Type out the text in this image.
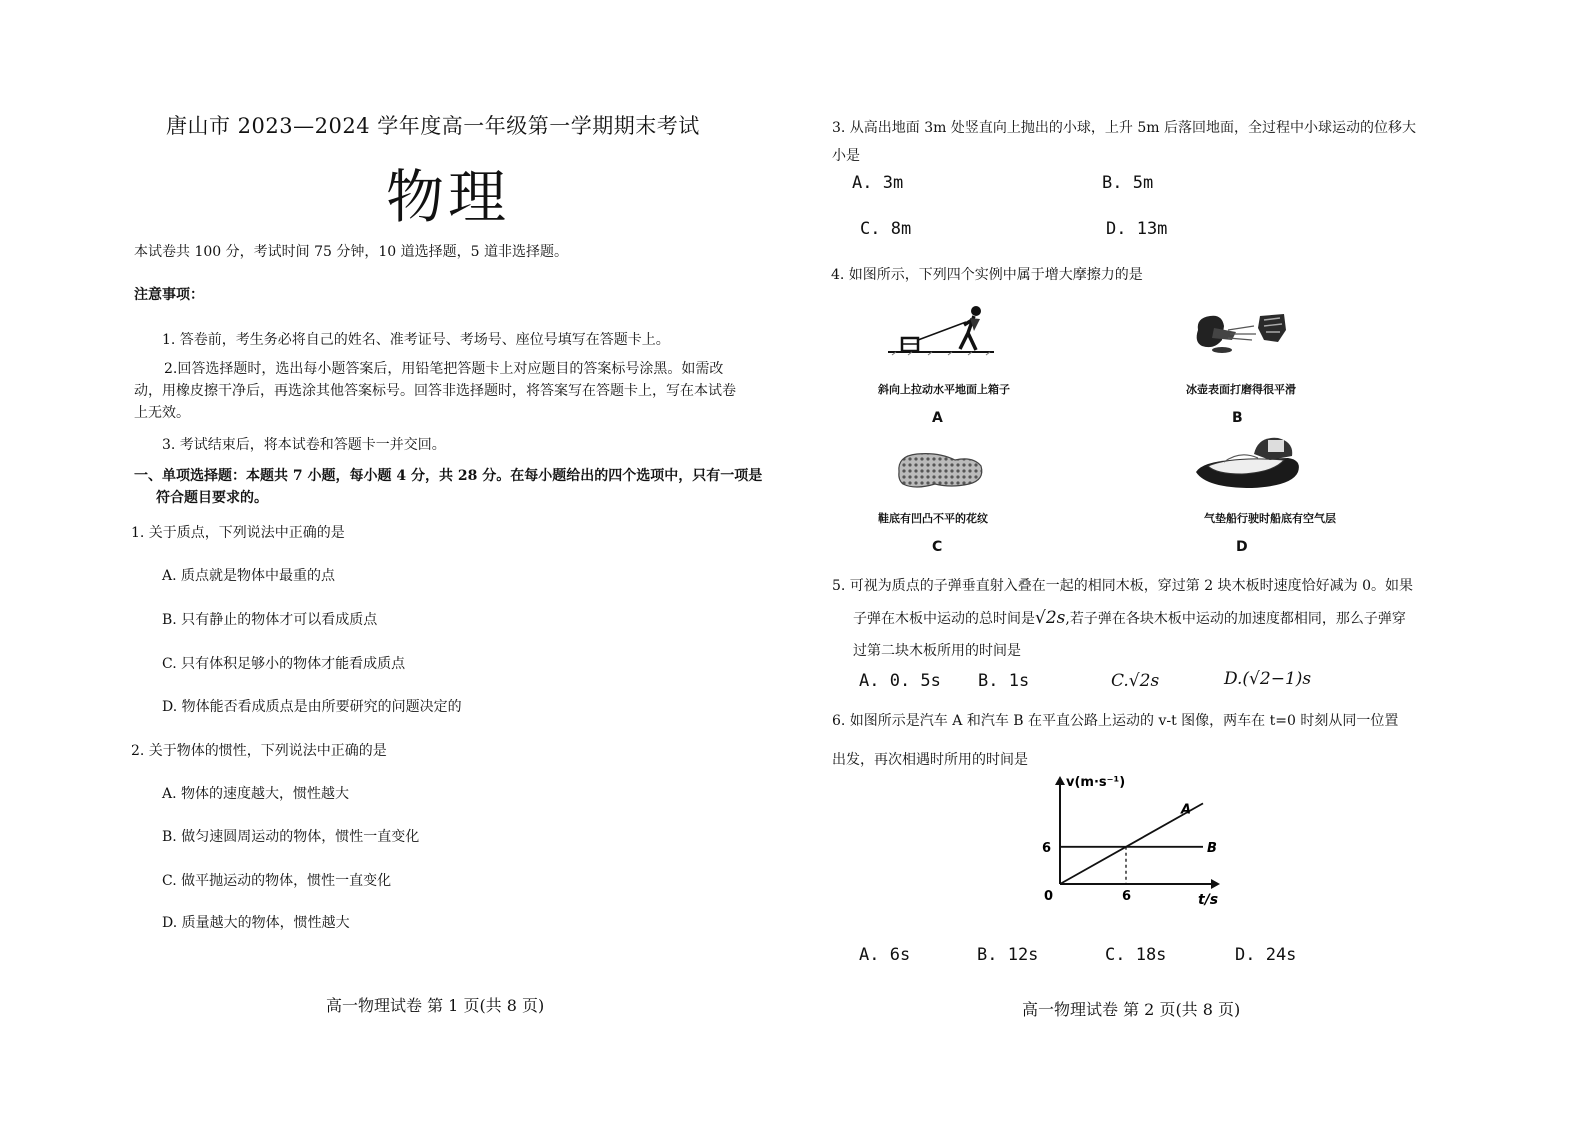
唐山市 2023—2024 学年度高一年级第一学期期末考试
物理
本试卷共 100 分，考试时间 75 分钟，10 道选择题，5 道非选择题。
注意事项：
1. 答卷前，考生务必将自己的姓名、准考证号、考场号、座位号填写在答题卡上。
2.回答选择题时，选出每小题答案后，用铅笔把答题卡上对应题目的答案标号涂黑。如需改动，用橡皮擦干净后，再选涂其他答案标号。回答非选择题时，将答案写在答题卡上，写在本试卷上无效。
3. 考试结束后，将本试卷和答题卡一并交回。
一、单项选择题：本题共 7 小题，每小题 4 分，共 28 分。在每小题给出的四个选项中，只有一项是符合题目要求的。
1. 关于质点，下列说法中正确的是
A. 质点就是物体中最重的点
B. 只有静止的物体才可以看成质点
C. 只有体积足够小的物体才能看成质点
D. 物体能否看成质点是由所要研究的问题决定的
2. 关于物体的惯性，下列说法中正确的是
A. 物体的速度越大，惯性越大
B. 做匀速圆周运动的物体，惯性一直变化
C. 做平抛运动的物体，惯性一直变化
D. 质量越大的物体，惯性越大
高一物理试卷 第 1 页(共 8 页)
3. 从高出地面 3m 处竖直向上抛出的小球，上升 5m 后落回地面，全过程中小球运动的位移大
小是
A. 3m	B. 5m
C. 8m	D. 13m
4. 如图所示，下列四个实例中属于增大摩擦力的是
斜向上拉动水平地面上箱子
A
冰壶表面打磨得很平滑
B
鞋底有凹凸不平的花纹
C
气垫船行驶时船底有空气层
D
5. 可视为质点的子弹垂直射入叠在一起的相同木板，穿过第 2 块木板时速度恰好减为 0。如果
子弹在木板中运动的总时间是√2s,若子弹在各块木板中运动的加速度都相同，那么子弹穿
过第二块木板所用的时间是
A. 0. 5s B. 1s	C.√2s	D.(√2−1)s
6. 如图所示是汽车 A 和汽车 B 在平直公路上运动的 v-t 图像，两车在 t=0 时刻从同一位置
出发，再次相遇时所用的时间是
v(m·s⁻¹)
t/s
0
A
B
6
6
A. 6s	B. 12s	C. 18s	D. 24s
高一物理试卷 第 2 页(共 8 页)
